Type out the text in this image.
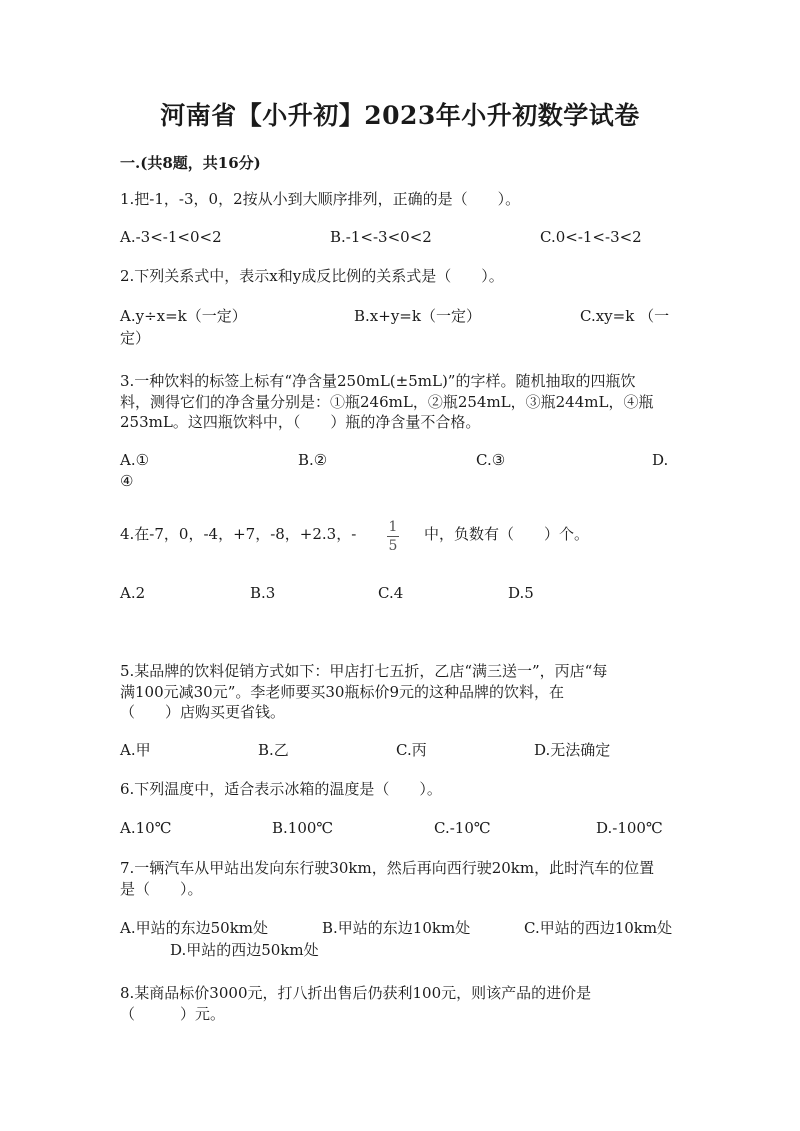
河南省【小升初】2023年小升初数学试卷
一.(共8题，共16分)
1.把-1，-3，0，2按从小到大顺序排列，正确的是（　　）。
A.-3<-1<0<2	B.-1<-3<0<2	C.0<-1<-3<2
2.下列关系式中，表示x和y成反比例的关系式是（　　）。
A.y÷x=k（一定）	B.x+y=k（一定）	C.xy=k （一
定）
3.一种饮料的标签上标有“净含量250mL(±5mL)”的字样。随机抽取的四瓶饮
料，测得它们的净含量分别是：①瓶246mL，②瓶254mL，③瓶244mL，④瓶
253mL。这四瓶饮料中，（　　）瓶的净含量不合格。
A.①	B.②	C.③	D.
④
4.在-7，0，-4，+7，-8，+2.3，- 1
5
中，负数有（　　）个。
A.2	B.3	C.4	D.5
5.某品牌的饮料促销方式如下：甲店打七五折，乙店“满三送一”，丙店“每
满100元减30元”。李老师要买30瓶标价9元的这种品牌的饮料，在
（　　）店购买更省钱。
A.甲	B.乙	C.丙	D.无法确定
6.下列温度中，适合表示冰箱的温度是（　　）。
A.10℃	B.100℃	C.-10℃	D.-100℃
7.一辆汽车从甲站出发向东行驶30km，然后再向西行驶20km，此时汽车的位置
是（　　）。
A.甲站的东边50km处	B.甲站的东边10km处	C.甲站的西边10km处
D.甲站的西边50km处
8.某商品标价3000元，打八折出售后仍获利100元，则该产品的进价是
（　　　）元。
